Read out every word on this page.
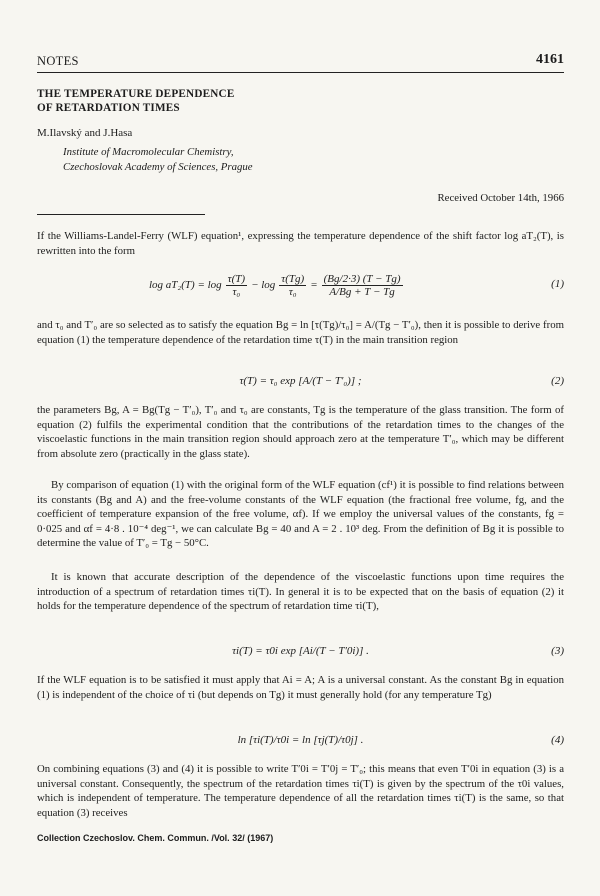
NOTES	4161
THE TEMPERATURE DEPENDENCE
OF RETARDATION TIMES
M.Ilavský and J.Hasa
Institute of Macromolecular Chemistry,
Czechoslovak Academy of Sciences, Prague
Received October 14th, 1966
If the Williams-Landel-Ferry (WLF) equation¹, expressing the temperature dependence of the shift factor log aT₂(T), is rewritten into the form
$\log aT_2(T) = \log \frac{\tau(T)}{\text{τ₀}} - \log \frac{\tau(Tg)}{\text{τ₀}} = \frac{(Bg/2\cdot 3) (T - Tg)}{A/Bg + T - Tg}$	(1)
and τ₀ and T′₀ are so selected as to satisfy the equation Bg = ln [τ(Tg)/τ₀] = A/(Tg − T′₀), then it is possible to derive from equation (1) the temperature dependence of the retardation time τ(T) in the main transition region
τ(T) = τ₀ exp [A/(T − T′₀)] ;	(2)
the parameters Bg, A = Bg(Tg − T′₀), T′₀ and τ₀ are constants, Tg is the temperature of the glass transition. The form of equation (2) fulfils the experimental condition that the contributions of the retardation times to the changes of the viscoelastic functions in the main transition region should approach zero at the temperature T′₀, which may be different from absolute zero (practically in the glass state).
By comparison of equation (1) with the original form of the WLF equation (cf¹) it is possible to find relations between its constants (Bg and A) and the free-volume constants of the WLF equation (the fractional free volume, fg, and the coefficient of temperature expansion of the free volume, αf). If we employ the universal values of the constants, fg = 0·025 and αf = 4·8 . 10⁻⁴ deg⁻¹, we can calculate Bg = 40 and A = 2 . 10³ deg. From the definition of Bg it is possible to determine the value of T′₀ = Tg − 50°C.
It is known that accurate description of the dependence of the viscoelastic functions upon time requires the introduction of a spectrum of retardation times τi(T). In general it is to be expected that on the basis of equation (2) it holds for the temperature dependence of the spectrum of retardation time τi(T),
τi(T) = τ0i exp [Ai/(T − T′0i)] .	(3)
If the WLF equation is to be satisfied it must apply that Ai = A; A is a universal constant. As the constant Bg in equation (1) is independent of the choice of τi (but depends on Tg) it must generally hold (for any temperature Tg)
ln [τi(T)/τ0i = ln [τj(T)/τ0j] .	(4)
On combining equations (3) and (4) it is possible to write T′0i = T′0j = T′₀; this means that even T′0i in equation (3) is a universal constant. Consequently, the spectrum of the retardation times τi(T) is given by the spectrum of the τ0i values, which is independent of temperature. The temperature dependence of all the retardation times τi(T) is the same, so that equation (3) receives
Collection Czechoslov. Chem. Commun. /Vol. 32/ (1967)
